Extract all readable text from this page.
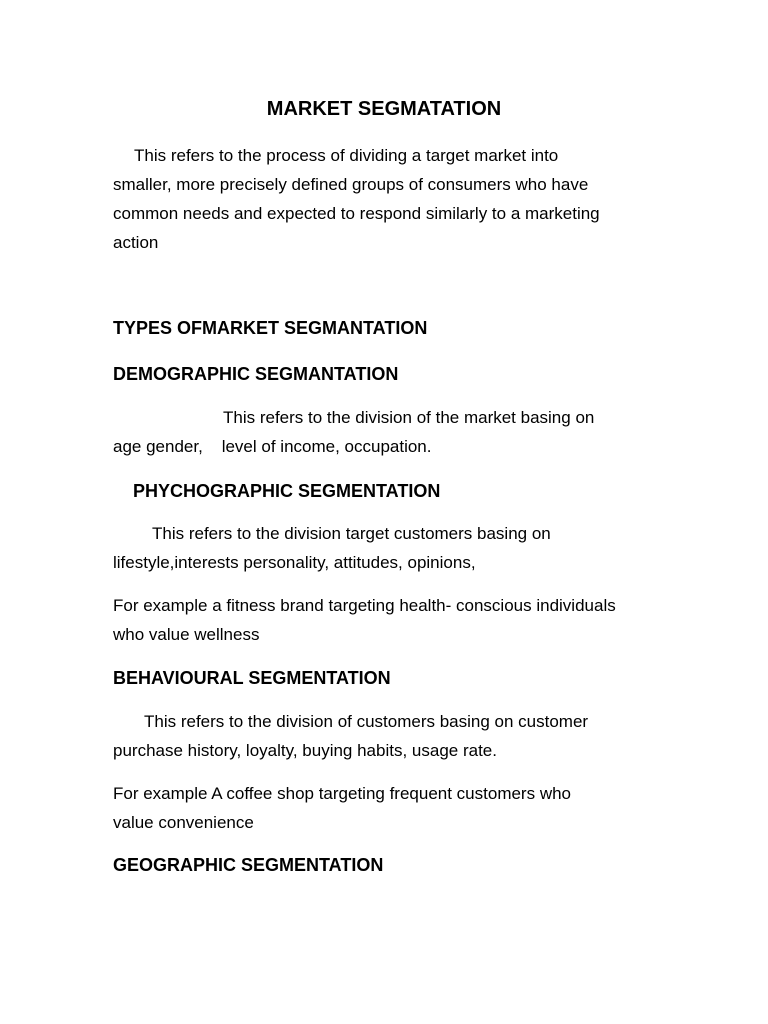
MARKET SEGMATATION

This refers to the process of dividing a target market into
smaller, more precisely defined groups of consumers who have
common needs and expected to respond similarly to a marketing
action

TYPES OFMARKET SEGMANTATION
DEMOGRAPHIC SEGMANTATION

This refers to the division of the market basing on
age gender,    level of income, occupation.

PHYCHOGRAPHIC SEGMENTATION

This refers to the division target customers basing on
lifestyle,interests personality, attitudes, opinions,

For example a fitness brand targeting health- conscious individuals
who value wellness

BEHAVIOURAL SEGMENTATION

This refers to the division of customers basing on customer
purchase history, loyalty, buying habits, usage rate.

For example A coffee shop targeting frequent customers who
value convenience

GEOGRAPHIC SEGMENTATION
